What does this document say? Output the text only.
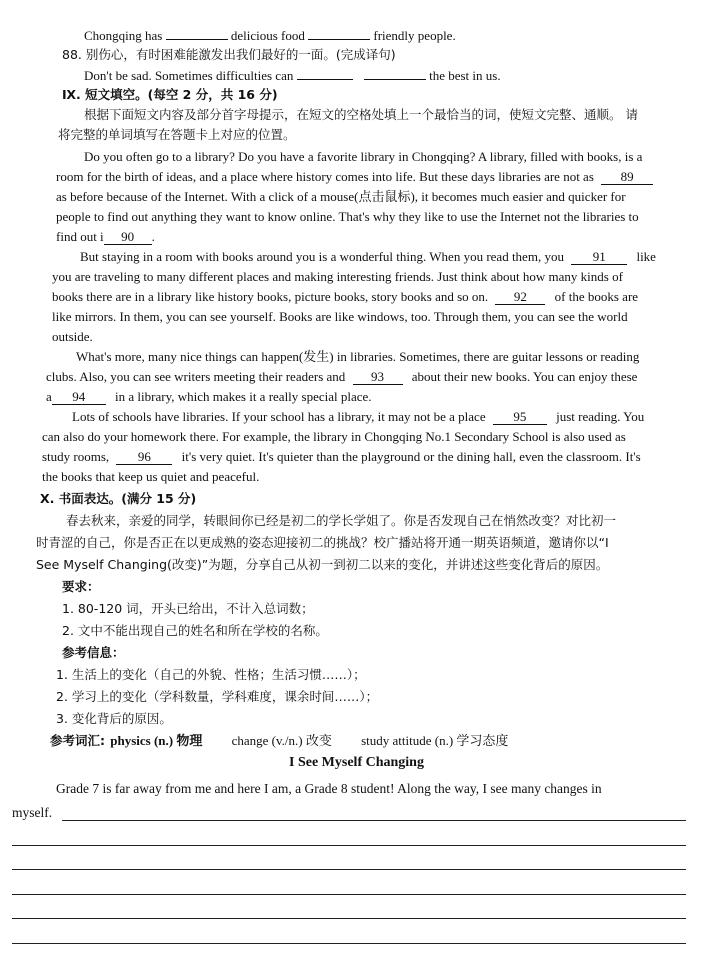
Chongqing has	delicious food	friendly people.
88. 别伤心，有时困难能激发出我们最好的一面。(完成译句)
Don't be sad. Sometimes difficulties can	the best in us.
Ⅸ. 短文填空。(每空 2 分，共 16 分)
根据下面短文内容及部分首字母提示，在短文的空格处填上一个最恰当的词，使短文完整、通顺。 请
将完整的单词填写在答题卡上对应的位置。
Do you often go to a library? Do you have a favorite library in Chongqing? A library, filled with books, is a
room for the birth of ideas, and a place where history comes into life. But these days libraries are not as 89
as before because of the Internet. With a click of a mouse(点击鼠标), it becomes much easier and quicker for
people to find out anything they want to know online. That's why they like to use the Internet not the libraries to
find out i 90 .
But staying in a room with books around you is a wonderful thing. When you read them, you 91 like
you are traveling to many different places and making interesting friends. Just think about how many kinds of
books there are in a library like history books, picture books, story books and so on. 92 of the books are
like mirrors. In them, you can see yourself. Books are like windows, too. Through them, you can see the world
outside.
What's more, many nice things can happen(发生) in libraries. Sometimes, there are guitar lessons or reading
clubs. Also, you can see writers meeting their readers and 93 about their new books. You can enjoy these
a 94 in a library, which makes it a really special place.
Lots of schools have libraries. If your school has a library, it may not be a place 95 just reading. You
can also do your homework there. For example, the library in Chongqing No.1 Secondary School is also used as
study rooms, 96 it's very quiet. It's quieter than the playground or the dining hall, even the classroom. It's
the books that keep us quiet and peaceful.
Ⅹ. 书面表达。(满分 15 分)
春去秋来，亲爱的同学，转眼间你已经是初二的学长学姐了。你是否发现自己在悄然改变？对比初一
时青涩的自己，你是否正在以更成熟的姿态迎接初二的挑战？校广播站将开通一期英语频道，邀请你以“I
See Myself Changing(改变)”为题，分享自己从初一到初二以来的变化，并讲述这些变化背后的原因。
要求：
1. 80-120 词，开头已给出，不计入总词数；
2. 文中不能出现自己的姓名和所在学校的名称。
参考信息：
1. 生活上的变化（自己的外貌、性格；生活习惯……）；
2. 学习上的变化（学科数量，学科难度，课余时间……）；
3. 变化背后的原因。
参考词汇: physics (n.) 物理 change (v./n.) 改变 study attitude (n.) 学习态度
I See Myself Changing
Grade 7 is far away from me and here I am, a Grade 8 student! Along the way, I see many changes in
myself.
